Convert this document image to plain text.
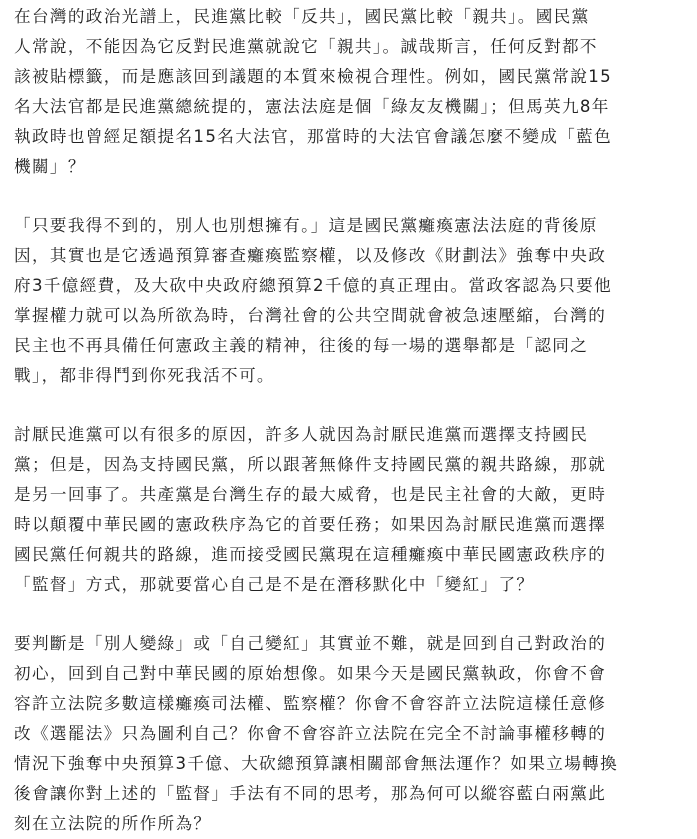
在台灣的政治光譜上，民進黨比較「反共」，國民黨比較「親共」。國民黨
人常說，不能因為它反對民進黨就說它「親共」。誠哉斯言，任何反對都不
該被貼標籤，而是應該回到議題的本質來檢視合理性。例如，國民黨常說15
名大法官都是民進黨總統提的，憲法法庭是個「綠友友機關」；但馬英九8年
執政時也曾經足額提名15名大法官，那當時的大法官會議怎麼不變成「藍色
機關」？

「只要我得不到的，別人也別想擁有。」這是國民黨癱瘓憲法法庭的背後原
因，其實也是它透過預算審查癱瘓監察權，以及修改《財劃法》強奪中央政
府3千億經費，及大砍中央政府總預算2千億的真正理由。當政客認為只要他
掌握權力就可以為所欲為時，台灣社會的公共空間就會被急速壓縮，台灣的
民主也不再具備任何憲政主義的精神，往後的每一場的選舉都是「認同之
戰」，都非得鬥到你死我活不可。

討厭民進黨可以有很多的原因，許多人就因為討厭民進黨而選擇支持國民
黨；但是，因為支持國民黨，所以跟著無條件支持國民黨的親共路線，那就
是另一回事了。共產黨是台灣生存的最大威脅，也是民主社會的大敵，更時
時以顛覆中華民國的憲政秩序為它的首要任務；如果因為討厭民進黨而選擇
國民黨任何親共的路線，進而接受國民黨現在這種癱瘓中華民國憲政秩序的
「監督」方式，那就要當心自己是不是在潛移默化中「變紅」了？

要判斷是「別人變綠」或「自己變紅」其實並不難，就是回到自己對政治的
初心，回到自己對中華民國的原始想像。如果今天是國民黨執政，你會不會
容許立法院多數這樣癱瘓司法權、監察權？你會不會容許立法院這樣任意修
改《選罷法》只為圖利自己？你會不會容許立法院在完全不討論事權移轉的
情況下強奪中央預算3千億、大砍總預算讓相關部會無法運作？如果立場轉換
後會讓你對上述的「監督」手法有不同的思考，那為何可以縱容藍白兩黨此
刻在立法院的所作所為？
